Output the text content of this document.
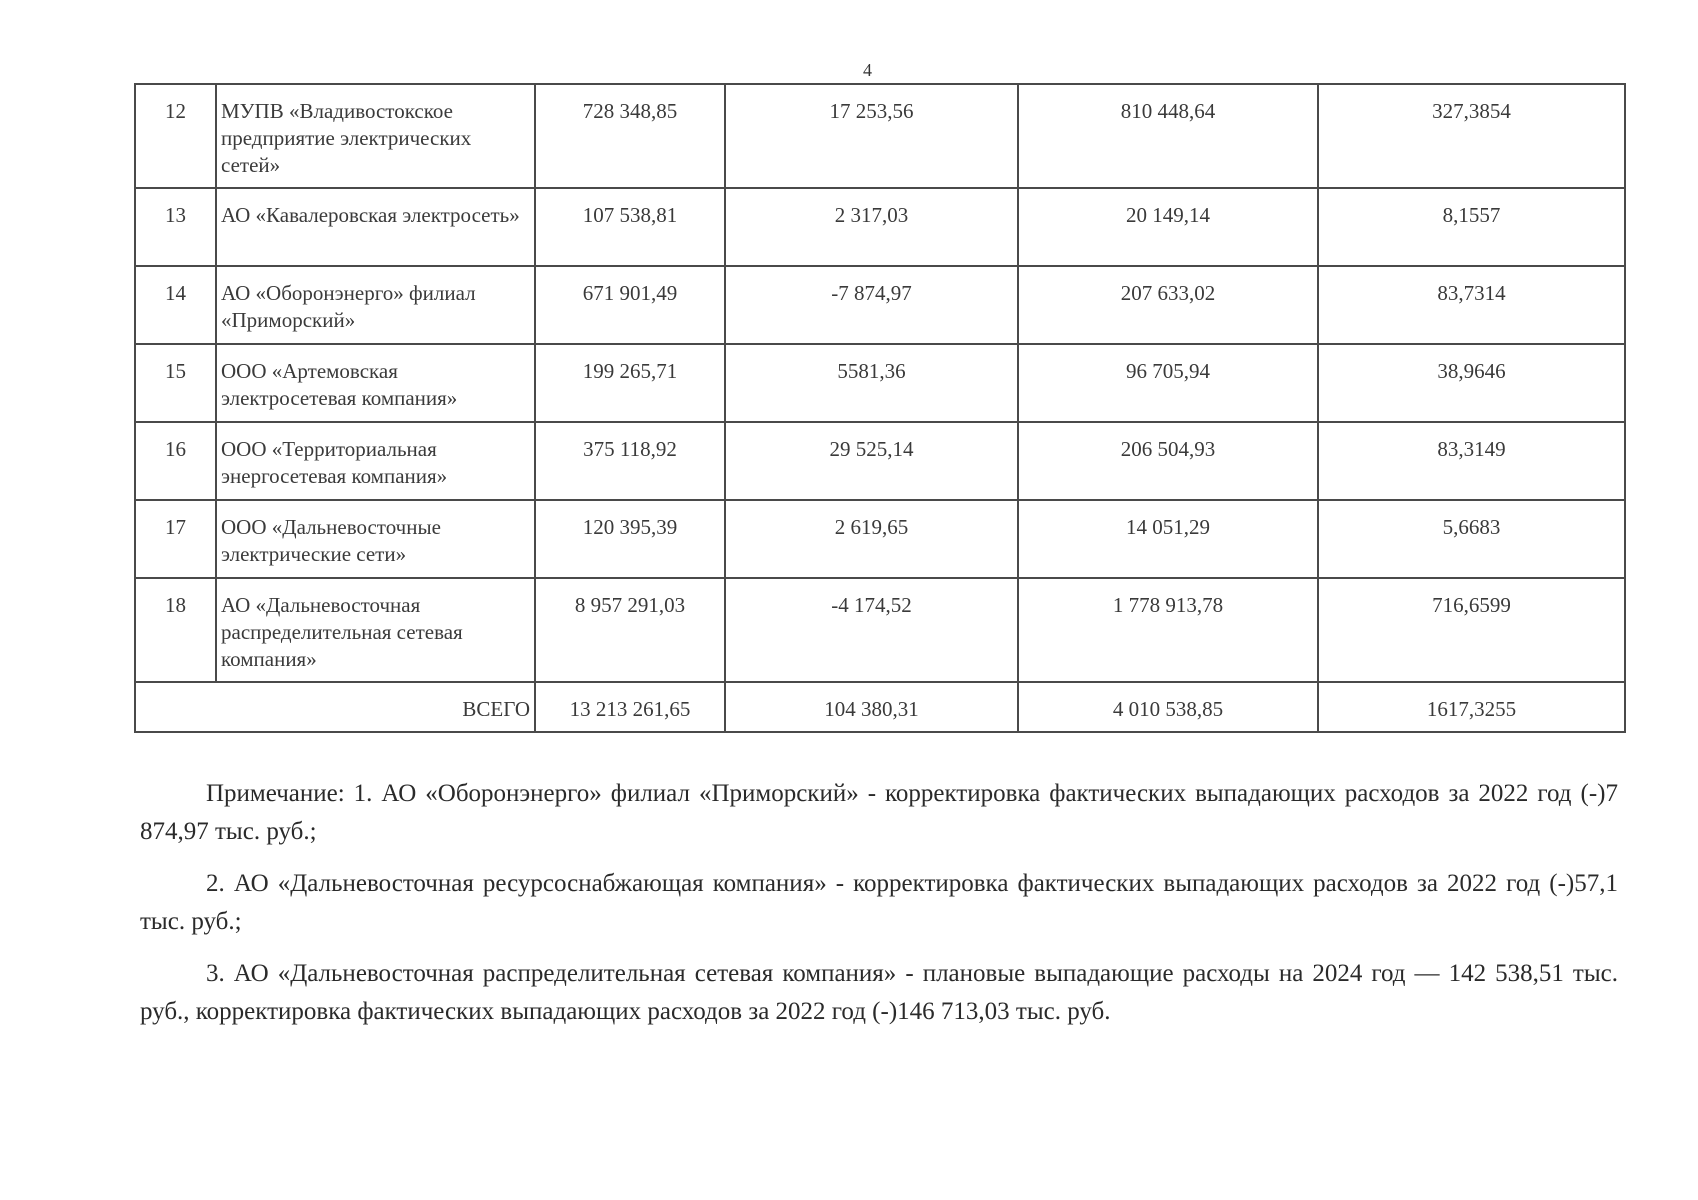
4
12	МУПВ «Владивостокское предприятие электрических сетей»	728 348,85	17 253,56	810 448,64	327,3854
13	АО «Кавалеровская электросеть»	107 538,81	2 317,03	20 149,14	8,1557
14	АО «Оборонэнерго» филиал «Приморский»	671 901,49	-7 874,97	207 633,02	83,7314
15	ООО «Артемовская электросетевая компания»	199 265,71	5581,36	96 705,94	38,9646
16	ООО «Территориальная энергосетевая компания»	375 118,92	29 525,14	206 504,93	83,3149
17	ООО «Дальневосточные электрические сети»	120 395,39	2 619,65	14 051,29	5,6683
18	АО «Дальневосточная распределительная сетевая компания»	8 957 291,03	-4 174,52	1 778 913,78	716,6599
ВСЕГО		13 213 261,65	104 380,31	4 010 538,85	1617,3255

Примечание: 1. АО «Оборонэнерго» филиал «Приморский» - корректировка фактических выпадающих расходов за 2022 год (-)7 874,97 тыс. руб.;

2. АО «Дальневосточная ресурсоснабжающая компания» - корректировка фактических выпадающих расходов за 2022 год (-)57,1 тыс. руб.;

3. АО «Дальневосточная распределительная сетевая компания» - плановые выпадающие расходы на 2024 год — 142 538,51 тыс. руб., корректировка фактических выпадающих расходов за 2022 год (-)146 713,03 тыс. руб.
